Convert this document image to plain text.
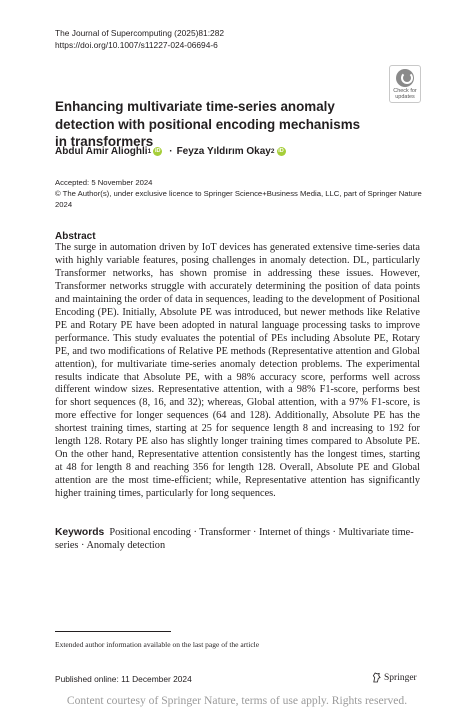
The Journal of Supercomputing (2025)81:282
https://doi.org/10.1007/s11227-024-06694-6
Check for
updates
Enhancing multivariate time-series anomaly detection with positional encoding mechanisms in transformers
Abdul Amir Alioghli 1 iD · Feyza Yıldırım Okay 2 iD
Accepted: 5 November 2024
© The Author(s), under exclusive licence to Springer Science+Business Media, LLC, part of Springer Nature 2024
Abstract
The surge in automation driven by IoT devices has generated extensive time-series data with highly variable features, posing challenges in anomaly detection. DL, particularly Transformer networks, has shown promise in addressing these issues. However, Transformer networks struggle with accurately determining the position of data points and maintaining the order of data in sequences, leading to the development of Positional Encoding (PE). Initially, Absolute PE was introduced, but newer methods like Relative PE and Rotary PE have been adopted in natural language processing tasks to improve performance. This study evaluates the potential of PEs including Absolute PE, Rotary PE, and two modifications of Relative PE methods (Representative attention and Global attention), for multivariate time-series anomaly detection problems. The experimental results indicate that Absolute PE, with a 98% accuracy score, performs well across different window sizes. Representative attention, with a 98% F1-score, performs best for short sequences (8, 16, and 32); whereas, Global attention, with a 97% F1-score, is more effective for longer sequences (64 and 128). Additionally, Absolute PE has the shortest training times, starting at 25 for sequence length 8 and increasing to 192 for length 128. Rotary PE also has slightly longer training times compared to Absolute PE. On the other hand, Representative attention consistently has the longest times, starting at 48 for length 8 and reaching 356 for length 128. Overall, Absolute PE and Global attention are the most time-efficient; while, Representative attention has significantly higher training times, particularly for long sequences.
Keywords Positional encoding · Transformer · Internet of things · Multivariate time-series · Anomaly detection
Extended author information available on the last page of the article
Published online: 11 December 2024	Springer
Content courtesy of Springer Nature, terms of use apply. Rights reserved.
